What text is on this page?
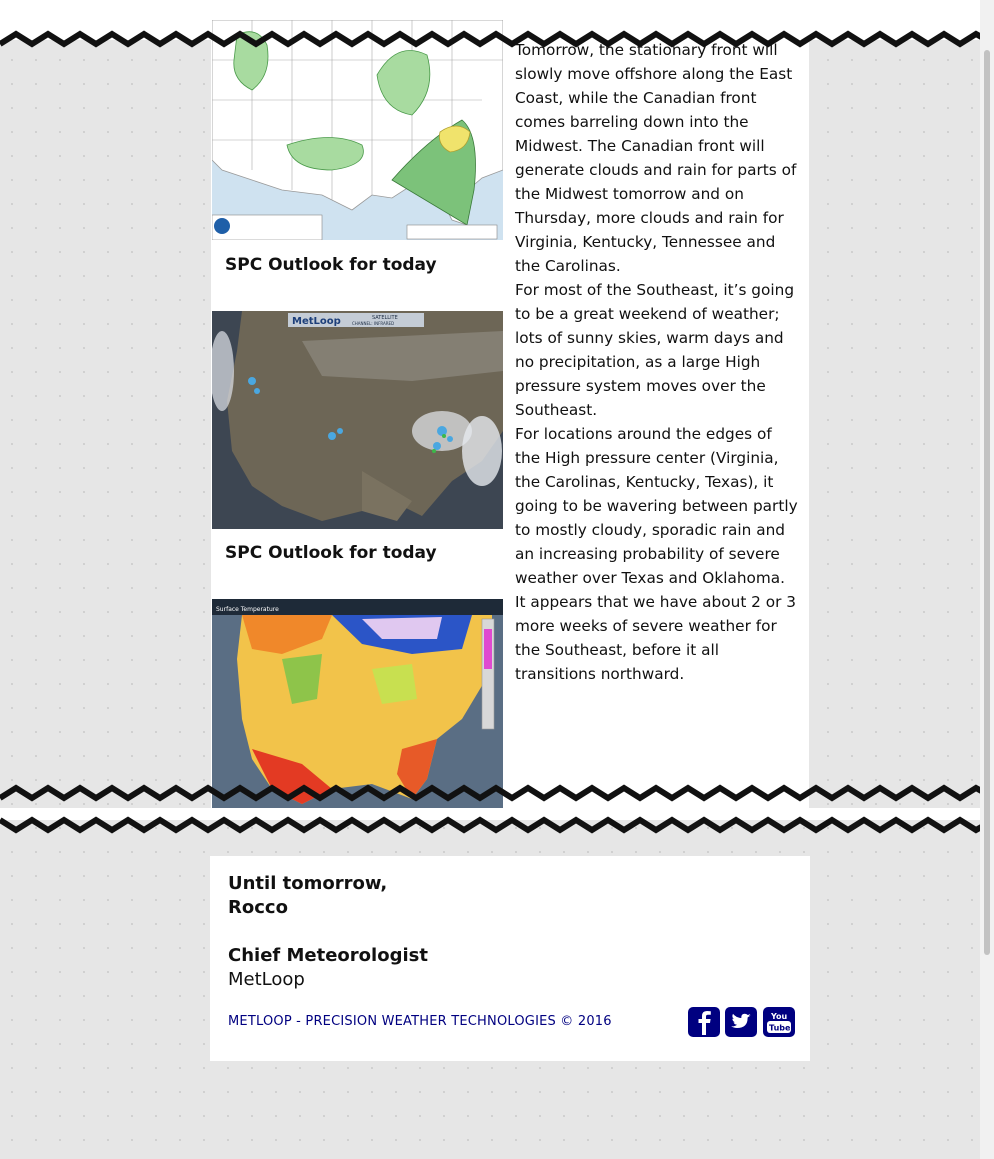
SPC Outlook for today
MetLoop	SATELLITE
CHANNEL: INFRARED
SPC Outlook for today
Surface Temperature

Tomorrow, the stationary front will slowly move offshore along the East Coast, while the Canadian front comes barreling down into the Midwest. The Canadian front will generate clouds and rain for parts of the Midwest tomorrow and on Thursday, more clouds and rain for Virginia, Kentucky, Tennessee and the Carolinas.

For most of the Southeast, it’s going to be a great weekend of weather; lots of sunny skies, warm days and no precipitation, as a large High pressure system moves over the Southeast.

For locations around the edges of the High pressure center (Virginia, the Carolinas, Kentucky, Texas), it going to be wavering between partly to mostly cloudy, sporadic rain and an increasing probability of severe weather over Texas and Oklahoma.

It appears that we have about 2 or 3 more weeks of severe weather for the Southeast, before it all transitions northward.

Until tomorrow,
Rocco
Chief Meteorologist
MetLoop
METLOOP - PRECISION WEATHER TECHNOLOGIES © 2016	You
Tube
